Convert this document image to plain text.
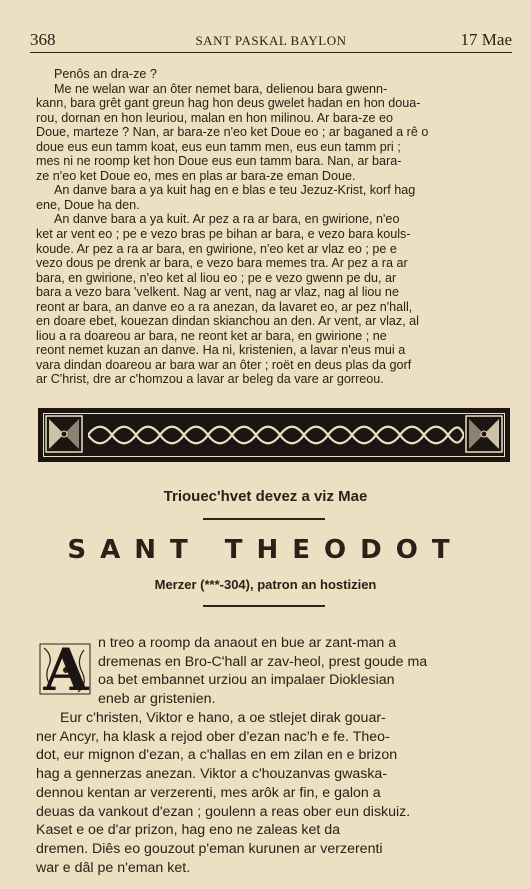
368	SANT PASKAL BAYLON	17 Mae
Penôs an dra-ze ?
Me ne welan war an ôter nemet bara, delienou bara gwenn-
kann, bara grêt gant greun hag hon deus gwelet hadan en hon doua-
rou, dornan en hon leuriou, malan en hon milinou. Ar bara-ze eo
Doue, marteze ? Nan, ar bara-ze n'eo ket Doue eo ; ar baganed a rê o
doue eus eun tamm koat, eus eun tamm men, eus eun tamm pri ;
mes ni ne roomp ket hon Doue eus eun tamm bara. Nan, ar bara-
ze n'eo ket Doue eo, mes en plas ar bara-ze eman Doue.
An danve bara a ya kuit hag en e blas e teu Jezuz-Krist, korf hag
ene, Doue ha den.
An danve bara a ya kuit. Ar pez a ra ar bara, en gwirione, n'eo
ket ar vent eo ; pe e vezo bras pe bihan ar bara, e vezo bara kouls-
koude. Ar pez a ra ar bara, en gwirione, n'eo ket ar vlaz eo ; pe e
vezo dous pe drenk ar bara, e vezo bara memes tra. Ar pez a ra ar
bara, en gwirione, n'eo ket al liou eo ; pe e vezo gwenn pe du, ar
bara a vezo bara 'velkent. Nag ar vent, nag ar vlaz, nag al liou ne
reont ar bara, an danve eo a ra anezan, da lavaret eo, ar pez n'hall,
en doare ebet, kouezan dindan skianchou an den. Ar vent, ar vlaz, al
liou a ra doareou ar bara, ne reont ket ar bara, en gwirione ; ne
reont nemet kuzan an danve. Ha ni, kristenien, a lavar n'eus mui a
vara dindan doareou ar bara war an ôter ; roët en deus plas da gorf
ar C'hrist, dre ar c'homzou a lavar ar beleg da vare ar gorreou.
Triouec'hvet devez a viz Mae
SANT THEODOT
Merzer (***-304), patron an hostizien
A n treo a roomp da anaout en bue ar zant-man a
dremenas en Bro-C'hall ar zav-heol, prest goude ma
oa bet embannet urziou an impalaer Dioklesian
eneb ar gristenien.
Eur c'hristen, Viktor e hano, a oe stlejet dirak gouar-
ner Ancyr, ha klask a rejod ober d'ezan nac'h e fe. Theo-
dot, eur mignon d'ezan, a c'hallas en em zilan en e brizon
hag a gennerzas anezan. Viktor a c'houzanvas gwaska-
dennou kentan ar verzerenti, mes arôk ar fin, e galon a
deuas da vankout d'ezan ; goulenn a reas ober eun diskuiz.
Kaset e oe d'ar prizon, hag eno ne zaleas ket da
dremen. Diês eo gouzout p'eman kurunen ar verzerenti
war e dâl pe n'eman ket.
